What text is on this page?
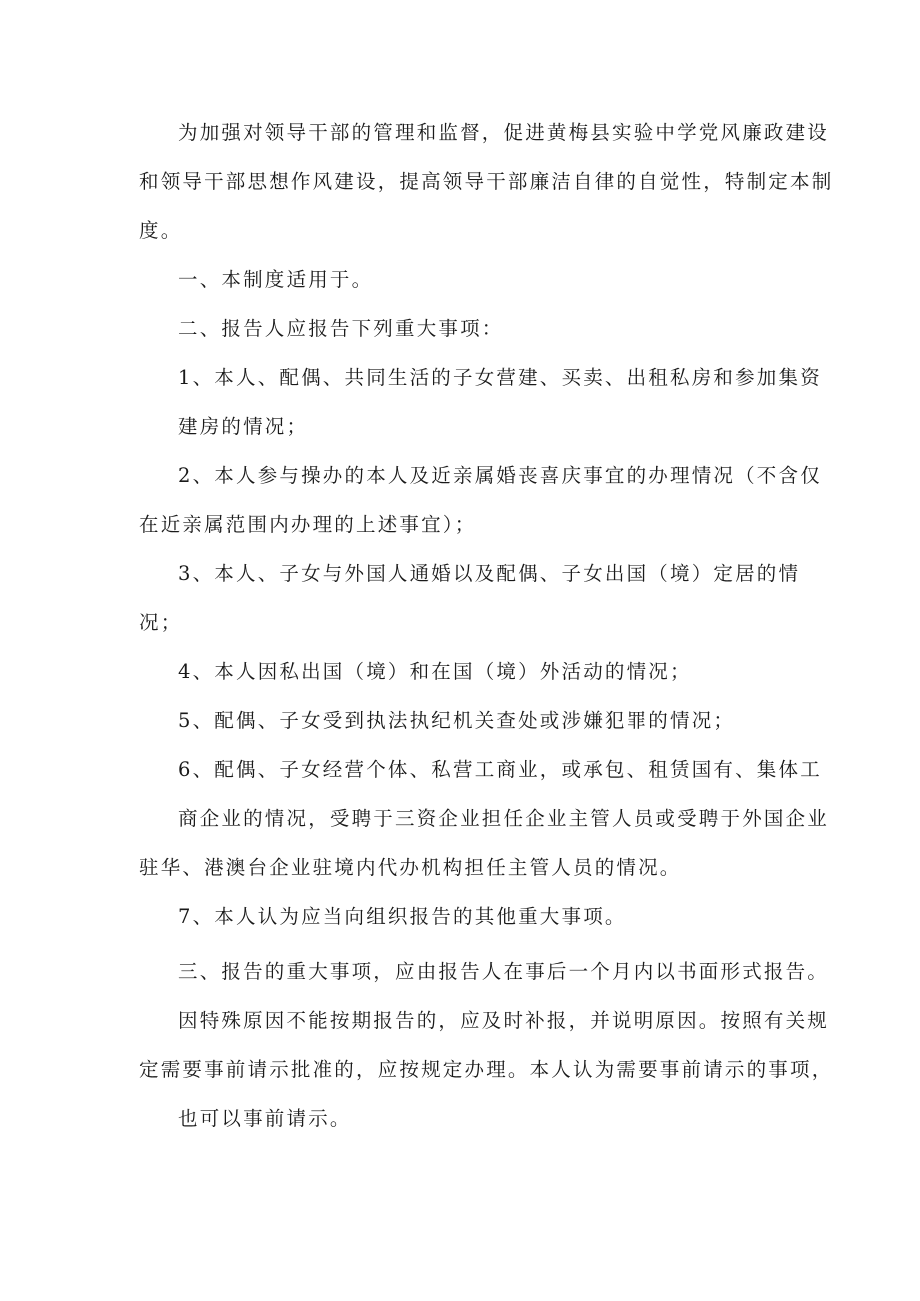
为加强对领导干部的管理和监督，促进黄梅县实验中学党风廉政建设
和领导干部思想作风建设，提高领导干部廉洁自律的自觉性，特制定本制
度。
一、本制度适用于。
二、报告人应报告下列重大事项：
1、本人、配偶、共同生活的子女营建、买卖、出租私房和参加集资
建房的情况；
2、本人参与操办的本人及近亲属婚丧喜庆事宜的办理情况（不含仅
在近亲属范围内办理的上述事宜）；
3、本人、子女与外国人通婚以及配偶、子女出国（境）定居的情
况；
4、本人因私出国（境）和在国（境）外活动的情况；
5、配偶、子女受到执法执纪机关查处或涉嫌犯罪的情况；
6、配偶、子女经营个体、私营工商业，或承包、租赁国有、集体工
商企业的情况，受聘于三资企业担任企业主管人员或受聘于外国企业
驻华、港澳台企业驻境内代办机构担任主管人员的情况。
7、本人认为应当向组织报告的其他重大事项。
三、报告的重大事项，应由报告人在事后一个月内以书面形式报告。
因特殊原因不能按期报告的，应及时补报，并说明原因。按照有关规
定需要事前请示批准的，应按规定办理。本人认为需要事前请示的事项，
也可以事前请示。
